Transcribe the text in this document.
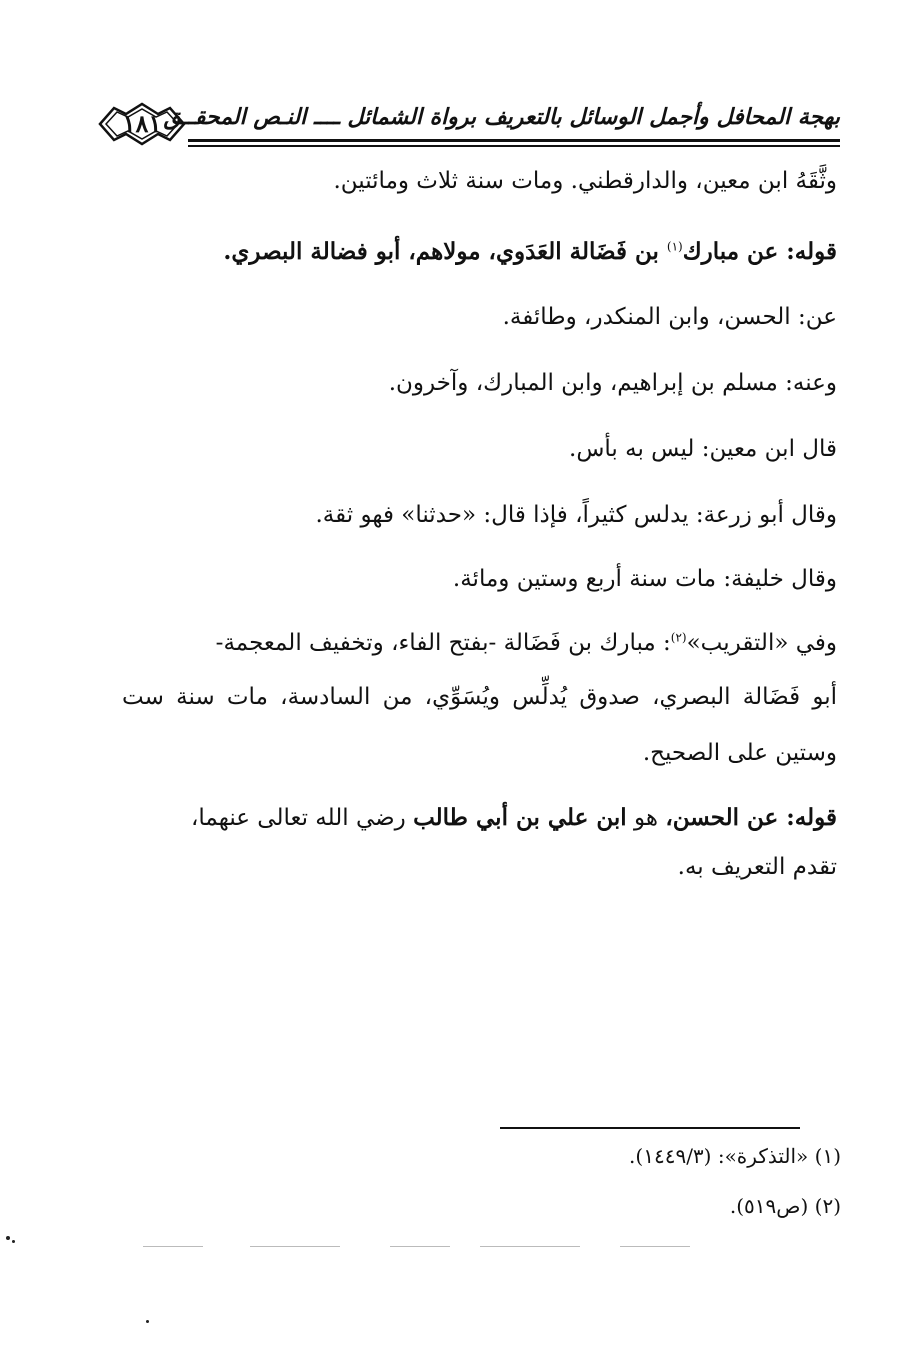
بهجة المحافل وأجمل الوسائل بالتعريف برواة الشمائل ــــ النـص المحقــق
١٨١
وثَّقَهُ ابن معين، والدارقطني. ومات سنة ثلاث ومائتين.
قوله: عن مبارك$^{(١)}$ بن فَضَالة العَدَوي، مولاهم، أبو فضالة البصري.
عن: الحسن، وابن المنكدر، وطائفة.
وعنه: مسلم بن إبراهيم، وابن المبارك، وآخرون.
قال ابن معين: ليس به بأس.
وقال أبو زرعة: يدلس كثيراً، فإذا قال: «حدثنا» فهو ثقة.
وقال خليفة: مات سنة أربع وستين ومائة.
وفي «التقريب»$^{(٢)}$: مبارك بن فَضَالة -بفتح الفاء، وتخفيف المعجمة-
أبو فَضَالة البصري، صدوق يُدلِّس ويُسَوِّي، من السادسة، مات سنة ست
وستين على الصحيح.
قوله: عن الحسن، هو ابن علي بن أبي طالب رضي الله تعالى عنهما،
تقدم التعريف به.
(١) «التذكرة»: (١٤٤٩/٣).
(٢) (ص٥١٩).
